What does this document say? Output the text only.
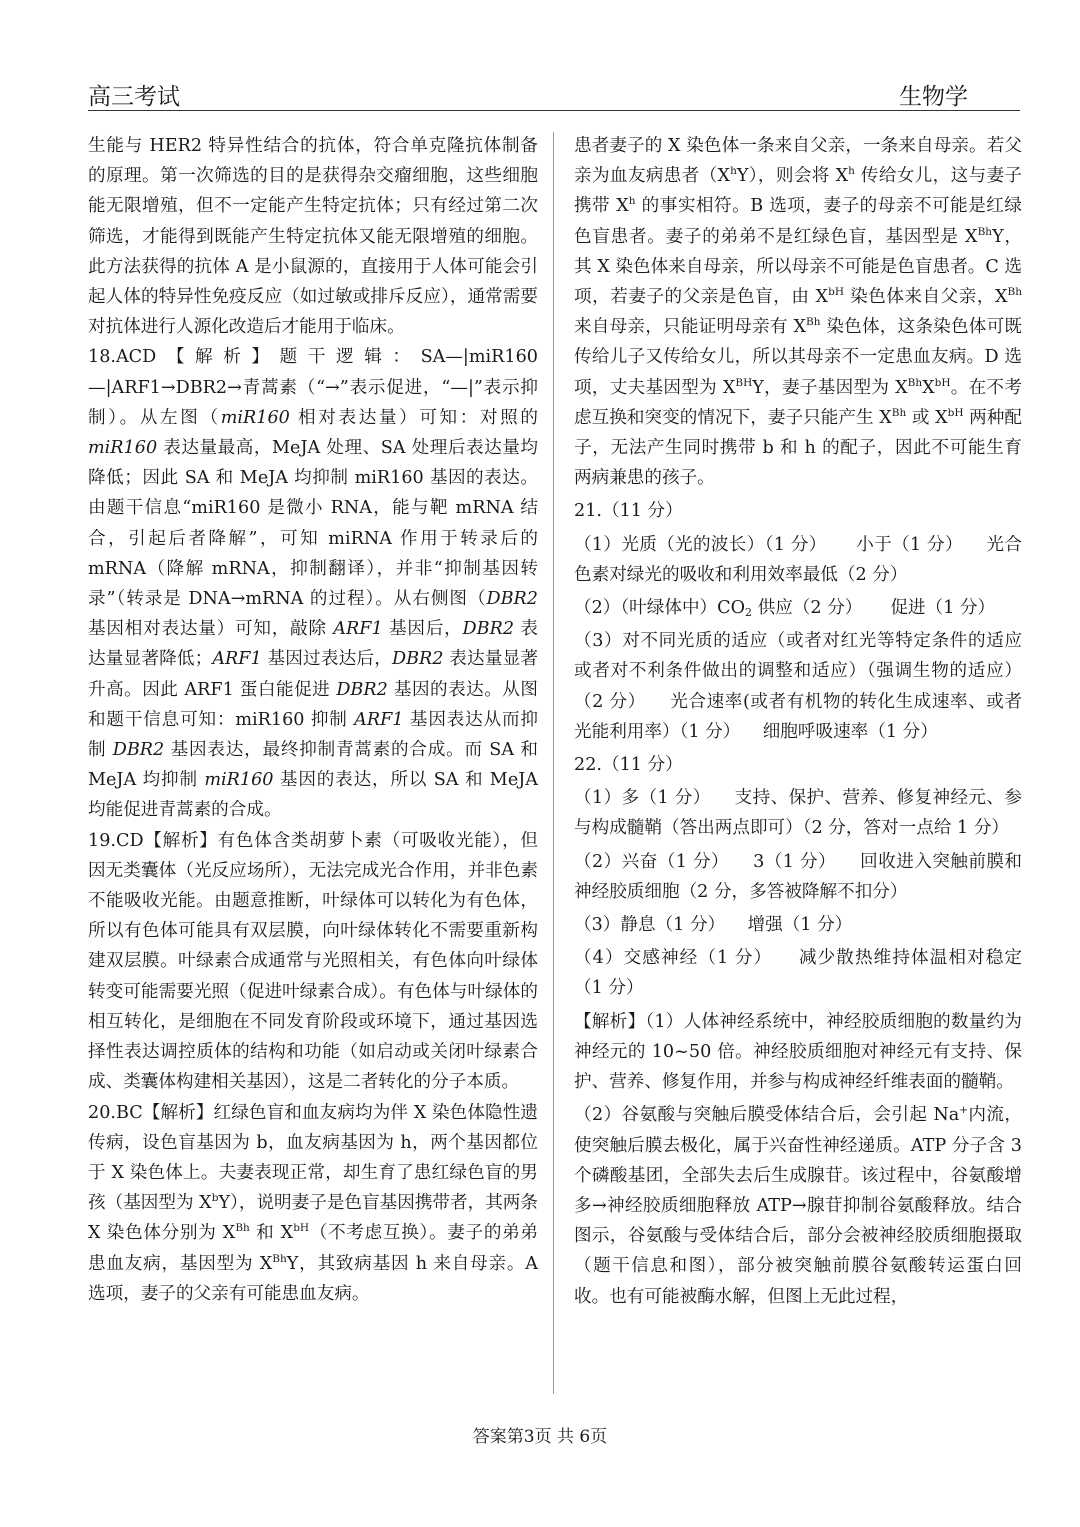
高三考试	生物学

生能与 HER2 特异性结合的抗体，符合单克隆抗体制备的原理。第一次筛选的目的是获得杂交瘤细胞，这些细胞能无限增殖，但不一定能产生特定抗体；只有经过第二次筛选，才能得到既能产生特定抗体又能无限增殖的细胞。此方法获得的抗体 A 是小鼠源的，直接用于人体可能会引起人体的特异性免疫反应（如过敏或排斥反应），通常需要对抗体进行人源化改造后才能用于临床。

18.ACD【解析】题干逻辑：SA—|miR160—|ARF1→DBR2→青蒿素（“→”表示促进，“—|”表示抑制）。从左图（miR160 相对表达量）可知：对照的 miR160 表达量最高，MeJA 处理、SA 处理后表达量均降低；因此 SA 和 MeJA 均抑制 miR160 基因的表达。由题干信息“miR160 是微小 RNA，能与靶 mRNA 结合，引起后者降解”，可知 miRNA 作用于转录后的 mRNA（降解 mRNA，抑制翻译），并非“抑制基因转录”（转录是 DNA→mRNA 的过程）。从右侧图（DBR2 基因相对表达量）可知，敲除 ARF1 基因后，DBR2 表达量显著降低；ARF1 基因过表达后，DBR2 表达量显著升高。因此 ARF1 蛋白能促进 DBR2 基因的表达。从图和题干信息可知：miR160 抑制 ARF1 基因表达从而抑制 DBR2 基因表达，最终抑制青蒿素的合成。而 SA 和 MeJA 均抑制 miR160 基因的表达，所以 SA 和 MeJA 均能促进青蒿素的合成。

19.CD【解析】有色体含类胡萝卜素（可吸收光能），但因无类囊体（光反应场所），无法完成光合作用，并非色素不能吸收光能。由题意推断，叶绿体可以转化为有色体，所以有色体可能具有双层膜，向叶绿体转化不需要重新构建双层膜。叶绿素合成通常与光照相关，有色体向叶绿体转变可能需要光照（促进叶绿素合成）。有色体与叶绿体的相互转化，是细胞在不同发育阶段或环境下，通过基因选择性表达调控质体的结构和功能（如启动或关闭叶绿素合成、类囊体构建相关基因），这是二者转化的分子本质。

20.BC【解析】红绿色盲和血友病均为伴 X 染色体隐性遗传病，设色盲基因为 b，血友病基因为 h，两个基因都位于 X 染色体上。夫妻表现正常，却生育了患红绿色盲的男孩（基因型为 $X^bY$），说明妻子是色盲基因携带者，其两条 X 染色体分别为 $X^{Bh}$ 和 $X^{bH}$（不考虑互换）。妻子的弟弟患血友病，基因型为 $X^{Bh}Y$，其致病基因 h 来自母亲。A 选项，妻子的父亲有可能患血友病。

患者妻子的 X 染色体一条来自父亲，一条来自母亲。若父亲为血友病患者$(X^hY)$，则会将 $X^h$ 传给女儿，这与妻子携带 $X^h$ 的事实相符。B 选项，妻子的母亲不可能是红绿色盲患者。妻子的弟弟不是红绿色盲，基因型是 $X^{Bh}Y$，其 X 染色体来自母亲，所以母亲不可能是色盲患者。C 选项，若妻子的父亲是色盲，由 $X^{bH}$ 染色体来自父亲，$X^{Bh}$ 来自母亲，只能证明母亲有 $X^{Bh}$ 染色体，这条染色体可既传给儿子又传给女儿，所以其母亲不一定患血友病。D 选项，丈夫基因型为 $X^{BH}Y$，妻子基因型为 $X^{Bh}X^{bH}$。在不考虑互换和突变的情况下，妻子只能产生 $X^{Bh}$ 或 $X^{bH}$ 两种配子，无法产生同时携带 b 和 h 的配子，因此不可能生育两病兼患的孩子。

21.（11 分）

（1）光质（光的波长）（1 分）     小于（1 分）    光合色素对绿光的吸收和利用效率最低（2 分）

（2）（叶绿体中）$CO_2$ 供应（2 分）     促进（1 分）

（3）对不同光质的适应（或者对红光等特定条件的适应或者对不利条件做出的调整和适应）（强调生物的适应）（2 分）    光合速率(或者有机物的转化生成速率、或者光能利用率）（1 分）    细胞呼吸速率（1 分）

22.（11 分）

（1）多（1 分）    支持、保护、营养、修复神经元、参与构成髓鞘（答出两点即可）（2 分，答对一点给 1 分）

（2）兴奋（1 分）    3（1 分）    回收进入突触前膜和神经胶质细胞（2 分，多答被降解不扣分）

（3）静息（1 分）    增强（1 分）

（4）交感神经（1 分）    减少散热维持体温相对稳定（1 分）

【解析】（1）人体神经系统中，神经胶质细胞的数量约为神经元的 10~50 倍。神经胶质细胞对神经元有支持、保护、营养、修复作用，并参与构成神经纤维表面的髓鞘。

（2）谷氨酸与突触后膜受体结合后，会引起 Na+内流，使突触后膜去极化，属于兴奋性神经递质。ATP 分子含 3 个磷酸基团，全部失去后生成腺苷。该过程中，谷氨酸增多→神经胶质细胞释放 ATP→腺苷抑制谷氨酸释放。结合图示，谷氨酸与受体结合后，部分会被神经胶质细胞摄取（题干信息和图），部分被突触前膜谷氨酸转运蛋白回收。也有可能被酶水解，但图上无此过程，

答案第3页 共 6页
